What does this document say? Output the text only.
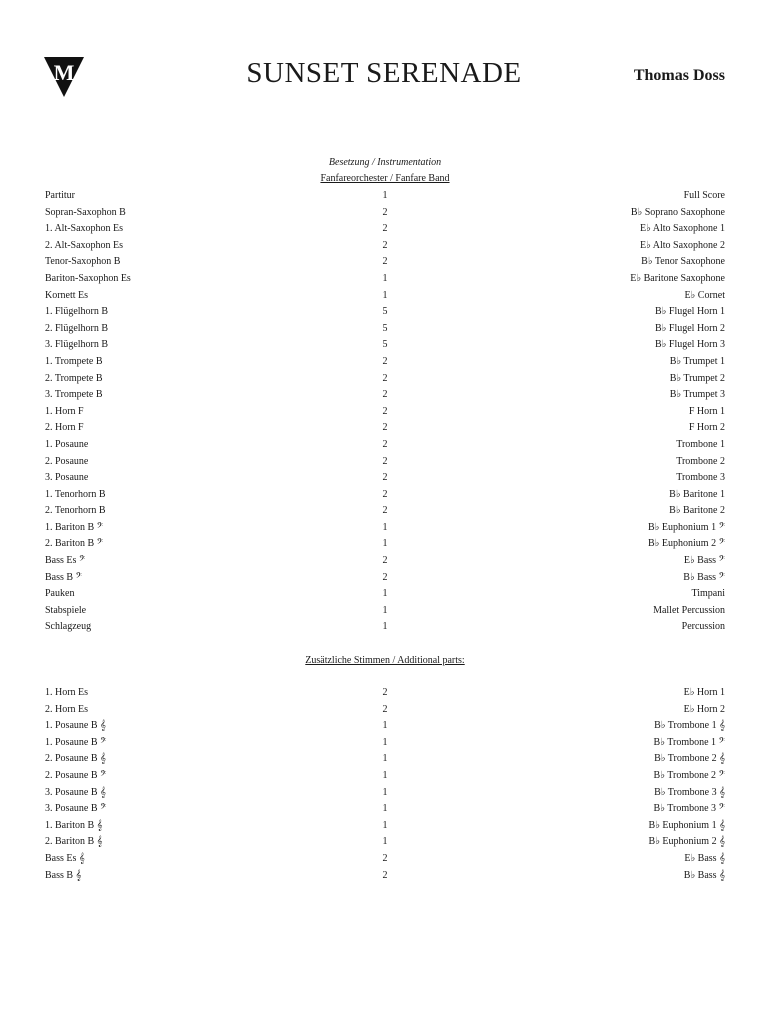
M	SUNSET SERENADE	Thomas Doss
Besetzung / Instrumentation
Fanfareorchester / Fanfare Band
Partitur	1	Full Score
Sopran-Saxophon B	2	B♭ Soprano Saxophone
1. Alt-Saxophon Es	2	E♭ Alto Saxophone 1
2. Alt-Saxophon Es	2	E♭ Alto Saxophone 2
Tenor-Saxophon B	2	B♭ Tenor Saxophone
Bariton-Saxophon Es	1	E♭ Baritone Saxophone
Kornett Es	1	E♭ Cornet
1. Flügelhorn B	5	B♭ Flugel Horn 1
2. Flügelhorn B	5	B♭ Flugel Horn 2
3. Flügelhorn B	5	B♭ Flugel Horn 3
1. Trompete B	2	B♭ Trumpet 1
2. Trompete B	2	B♭ Trumpet 2
3. Trompete B	2	B♭ Trumpet 3
1. Horn F	2	F Horn 1
2. Horn F	2	F Horn 2
1. Posaune	2	Trombone 1
2. Posaune	2	Trombone 2
3. Posaune	2	Trombone 3
1. Tenorhorn B	2	B♭ Baritone 1
2. Tenorhorn B	2	B♭ Baritone 2
1. Bariton B 𝄢	1	B♭ Euphonium 1 𝄢
2. Bariton B 𝄢	1	B♭ Euphonium 2 𝄢
Bass Es 𝄢	2	E♭ Bass 𝄢
Bass B 𝄢	2	B♭ Bass 𝄢
Pauken	1	Timpani
Stabspiele	1	Mallet Percussion
Schlagzeug	1	Percussion
Zusätzliche Stimmen / Additional parts:
1. Horn Es	2	E♭ Horn 1
2. Horn Es	2	E♭ Horn 2
1. Posaune B 𝄞	1	B♭ Trombone 1 𝄞
1. Posaune B 𝄢	1	B♭ Trombone 1 𝄢
2. Posaune B 𝄞	1	B♭ Trombone 2 𝄞
2. Posaune B 𝄢	1	B♭ Trombone 2 𝄢
3. Posaune B 𝄞	1	B♭ Trombone 3 𝄞
3. Posaune B 𝄢	1	B♭ Trombone 3 𝄢
1. Bariton B 𝄞	1	B♭ Euphonium 1 𝄞
2. Bariton B 𝄞	1	B♭ Euphonium 2 𝄞
Bass Es 𝄞	2	E♭ Bass 𝄞
Bass B 𝄞	2	B♭ Bass 𝄞
